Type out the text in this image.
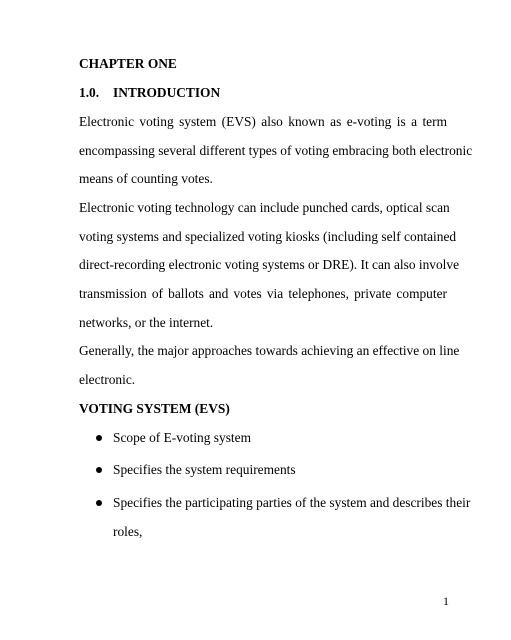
CHAPTER ONE
1.0. INTRODUCTION
Electronic voting system (EVS) also known as e-voting is a term
encompassing several different types of voting embracing both electronic
means of counting votes.
Electronic voting technology can include punched cards, optical scan
voting systems and specialized voting kiosks (including self contained
direct-recording electronic voting systems or DRE). It can also involve
transmission of ballots and votes via telephones, private computer
networks, or the internet.
Generally, the major approaches towards achieving an effective on line
electronic.
VOTING SYSTEM (EVS)
Scope of E-voting system
Specifies the system requirements
Specifies the participating parties of the system and describes their
roles,
1
